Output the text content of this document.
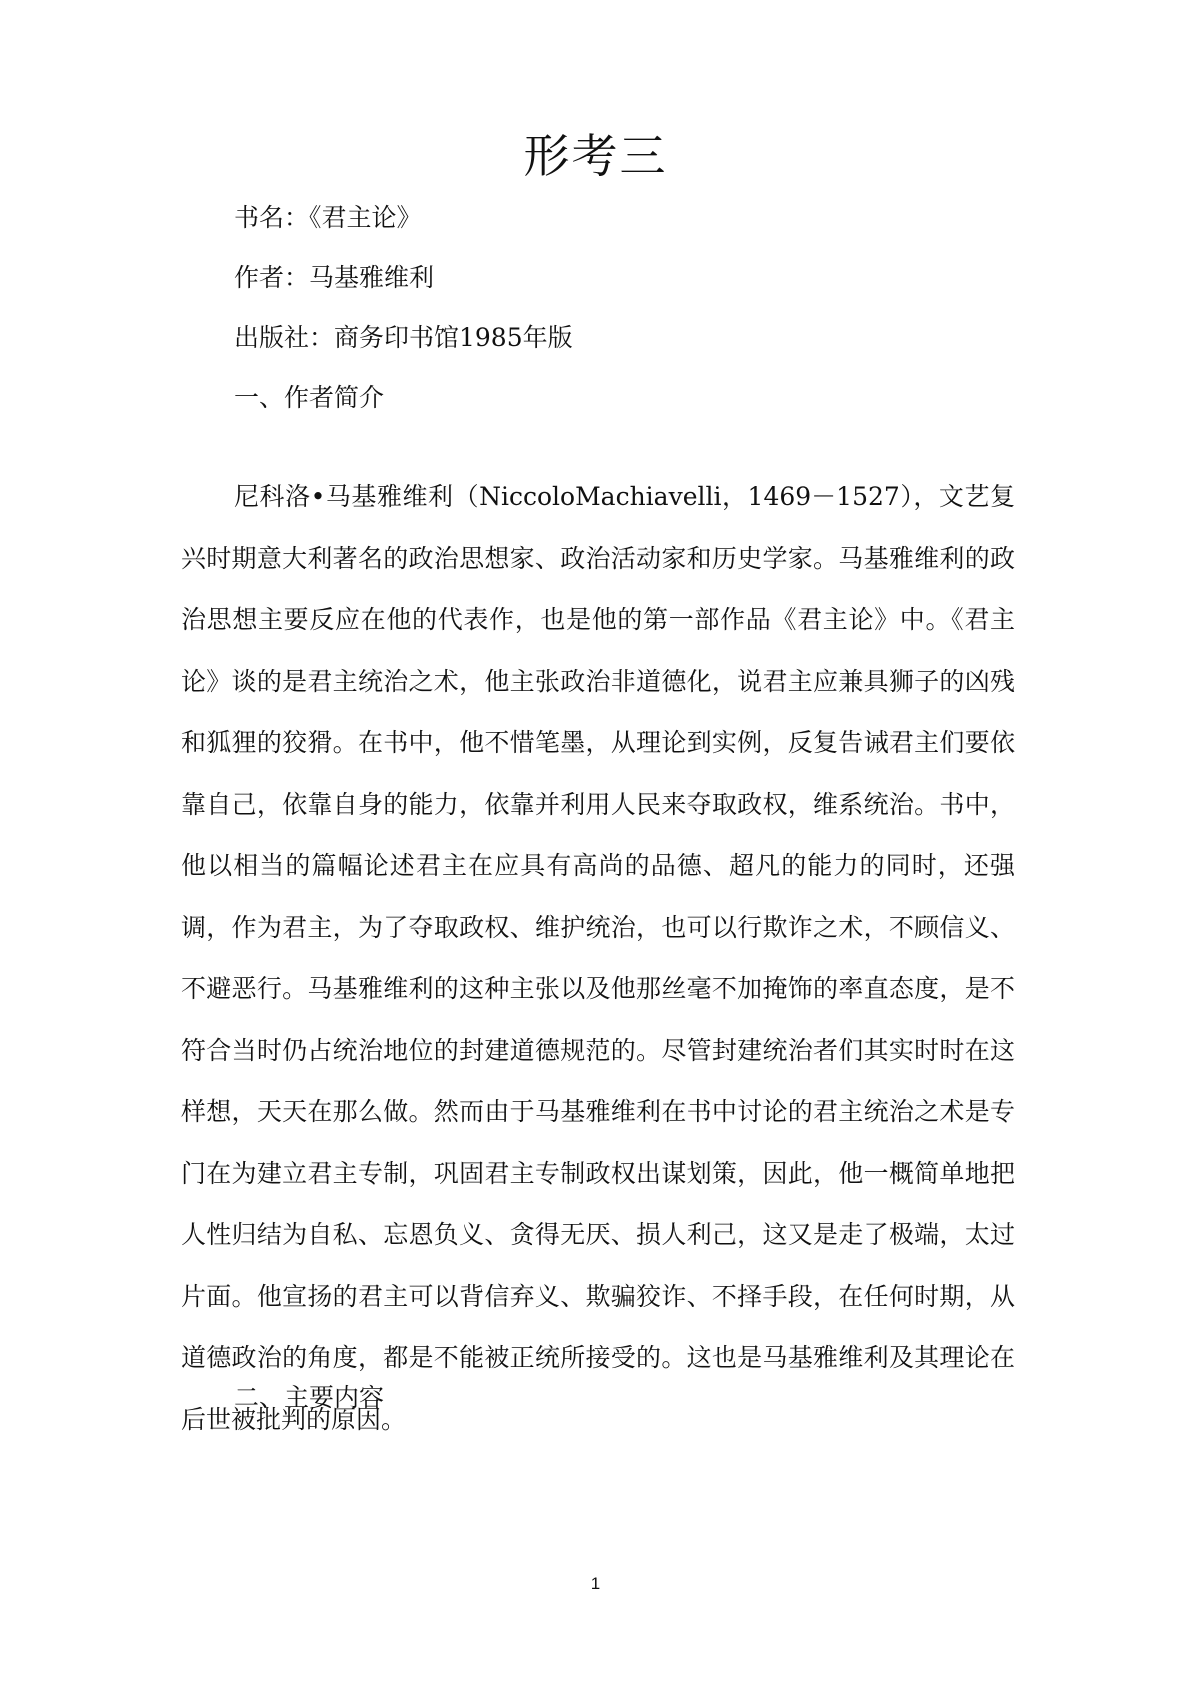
形考三
书名：《君主论》
作者：马基雅维利
出版社：商务印书馆1985年版
一、作者简介

尼科洛•马基雅维利（NiccoloMachiavelli，1469－1527），文艺复兴时期意大利著名的政治思想家、政治活动家和历史学家。马基雅维利的政治思想主要反应在他的代表作，也是他的第一部作品《君主论》中。《君主论》谈的是君主统治之术，他主张政治非道德化，说君主应兼具狮子的凶残和狐狸的狡猾。在书中，他不惜笔墨，从理论到实例，反复告诫君主们要依靠自己，依靠自身的能力，依靠并利用人民来夺取政权，维系统治。书中，他以相当的篇幅论述君主在应具有高尚的品德、超凡的能力的同时，还强调，作为君主，为了夺取政权、维护统治，也可以行欺诈之术，不顾信义、不避恶行。马基雅维利的这种主张以及他那丝毫不加掩饰的率直态度，是不符合当时仍占统治地位的封建道德规范的。尽管封建统治者们其实时时在这样想，天天在那么做。然而由于马基雅维利在书中讨论的君主统治之术是专门在为建立君主专制，巩固君主专制政权出谋划策，因此，他一概简单地把人性归结为自私、忘恩负义、贪得无厌、损人利己，这又是走了极端，太过片面。他宣扬的君主可以背信弃义、欺骗狡诈、不择手段，在任何时期，从道德政治的角度，都是不能被正统所接受的。这也是马基雅维利及其理论在后世被批判的原因。

二、主要内容
1
